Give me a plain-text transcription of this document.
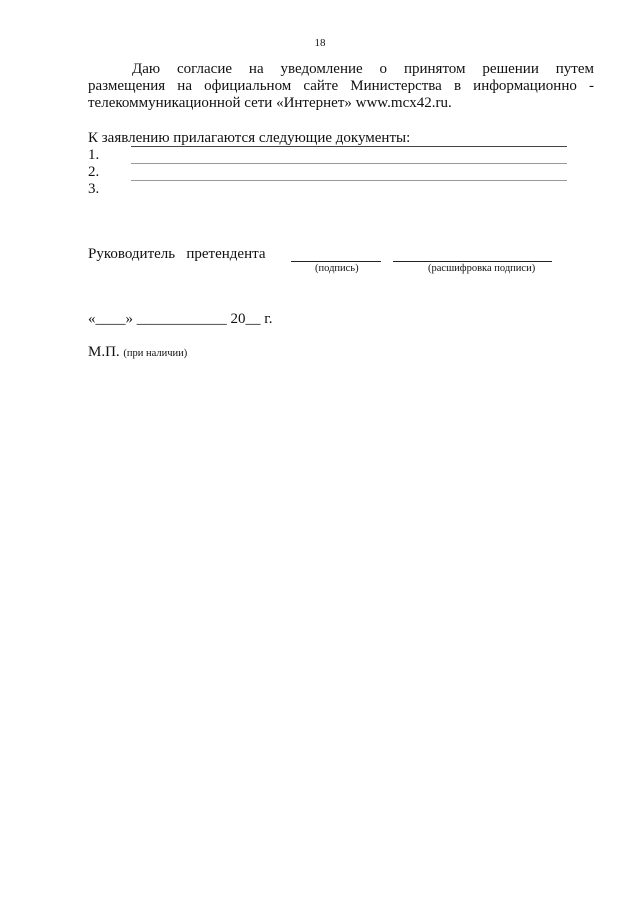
18
Даю согласие на уведомление о принятом решении путем
размещения на официальном сайте Министерства в информационно -
телекоммуникационной сети «Интернет» www.mcx42.ru.
К заявлению прилагаются следующие документы:
1.
2.
3.
Руководитель   претендента
(подпись)	(расшифровка подписи)
«____» ____________ 20__ г.
М.П. (при наличии)
